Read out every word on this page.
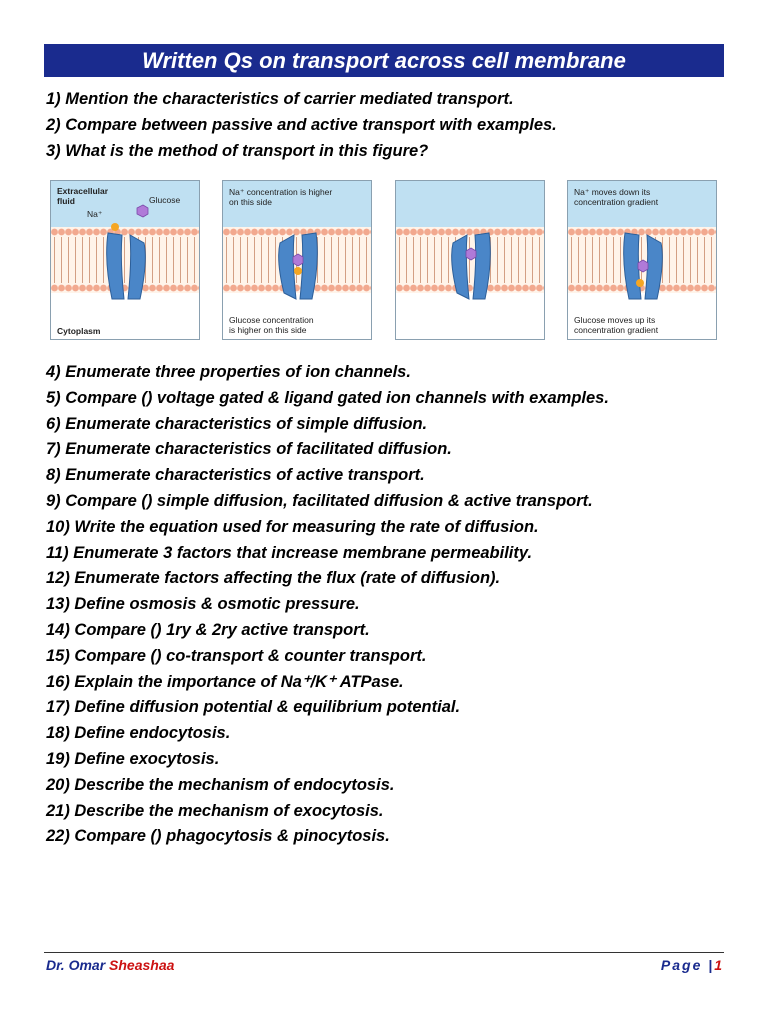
Written Qs on transport across cell membrane
1) Mention the characteristics of carrier mediated transport.
2) Compare between passive and active transport with examples.
3) What is the method of transport in this figure?
Extracellular
fluid	Glucose
Na⁺
Cytoplasm
Na⁺ concentration is higher
on this side
Glucose concentration
is higher on this side
Na⁺ moves down its
concentration gradient
Glucose moves up its
concentration gradient
4) Enumerate three properties of ion channels.
5) Compare () voltage gated & ligand gated ion channels with examples.
6) Enumerate characteristics of simple diffusion.
7) Enumerate characteristics of facilitated diffusion.
8) Enumerate characteristics of active transport.
9) Compare () simple diffusion, facilitated diffusion & active transport.
10) Write the equation used for measuring the rate of diffusion.
11) Enumerate 3 factors that increase membrane permeability.
12) Enumerate factors affecting the flux (rate of diffusion).
13) Define osmosis & osmotic pressure.
14) Compare () 1ry & 2ry active transport.
15) Compare () co-transport & counter transport.
16) Explain the importance of Na⁺/K⁺ ATPase.
17) Define diffusion potential & equilibrium potential.
18) Define endocytosis.
19) Define exocytosis.
20) Describe the mechanism of endocytosis.
21) Describe the mechanism of exocytosis.
22) Compare () phagocytosis & pinocytosis.
Dr. Omar Sheashaa	Page |1
